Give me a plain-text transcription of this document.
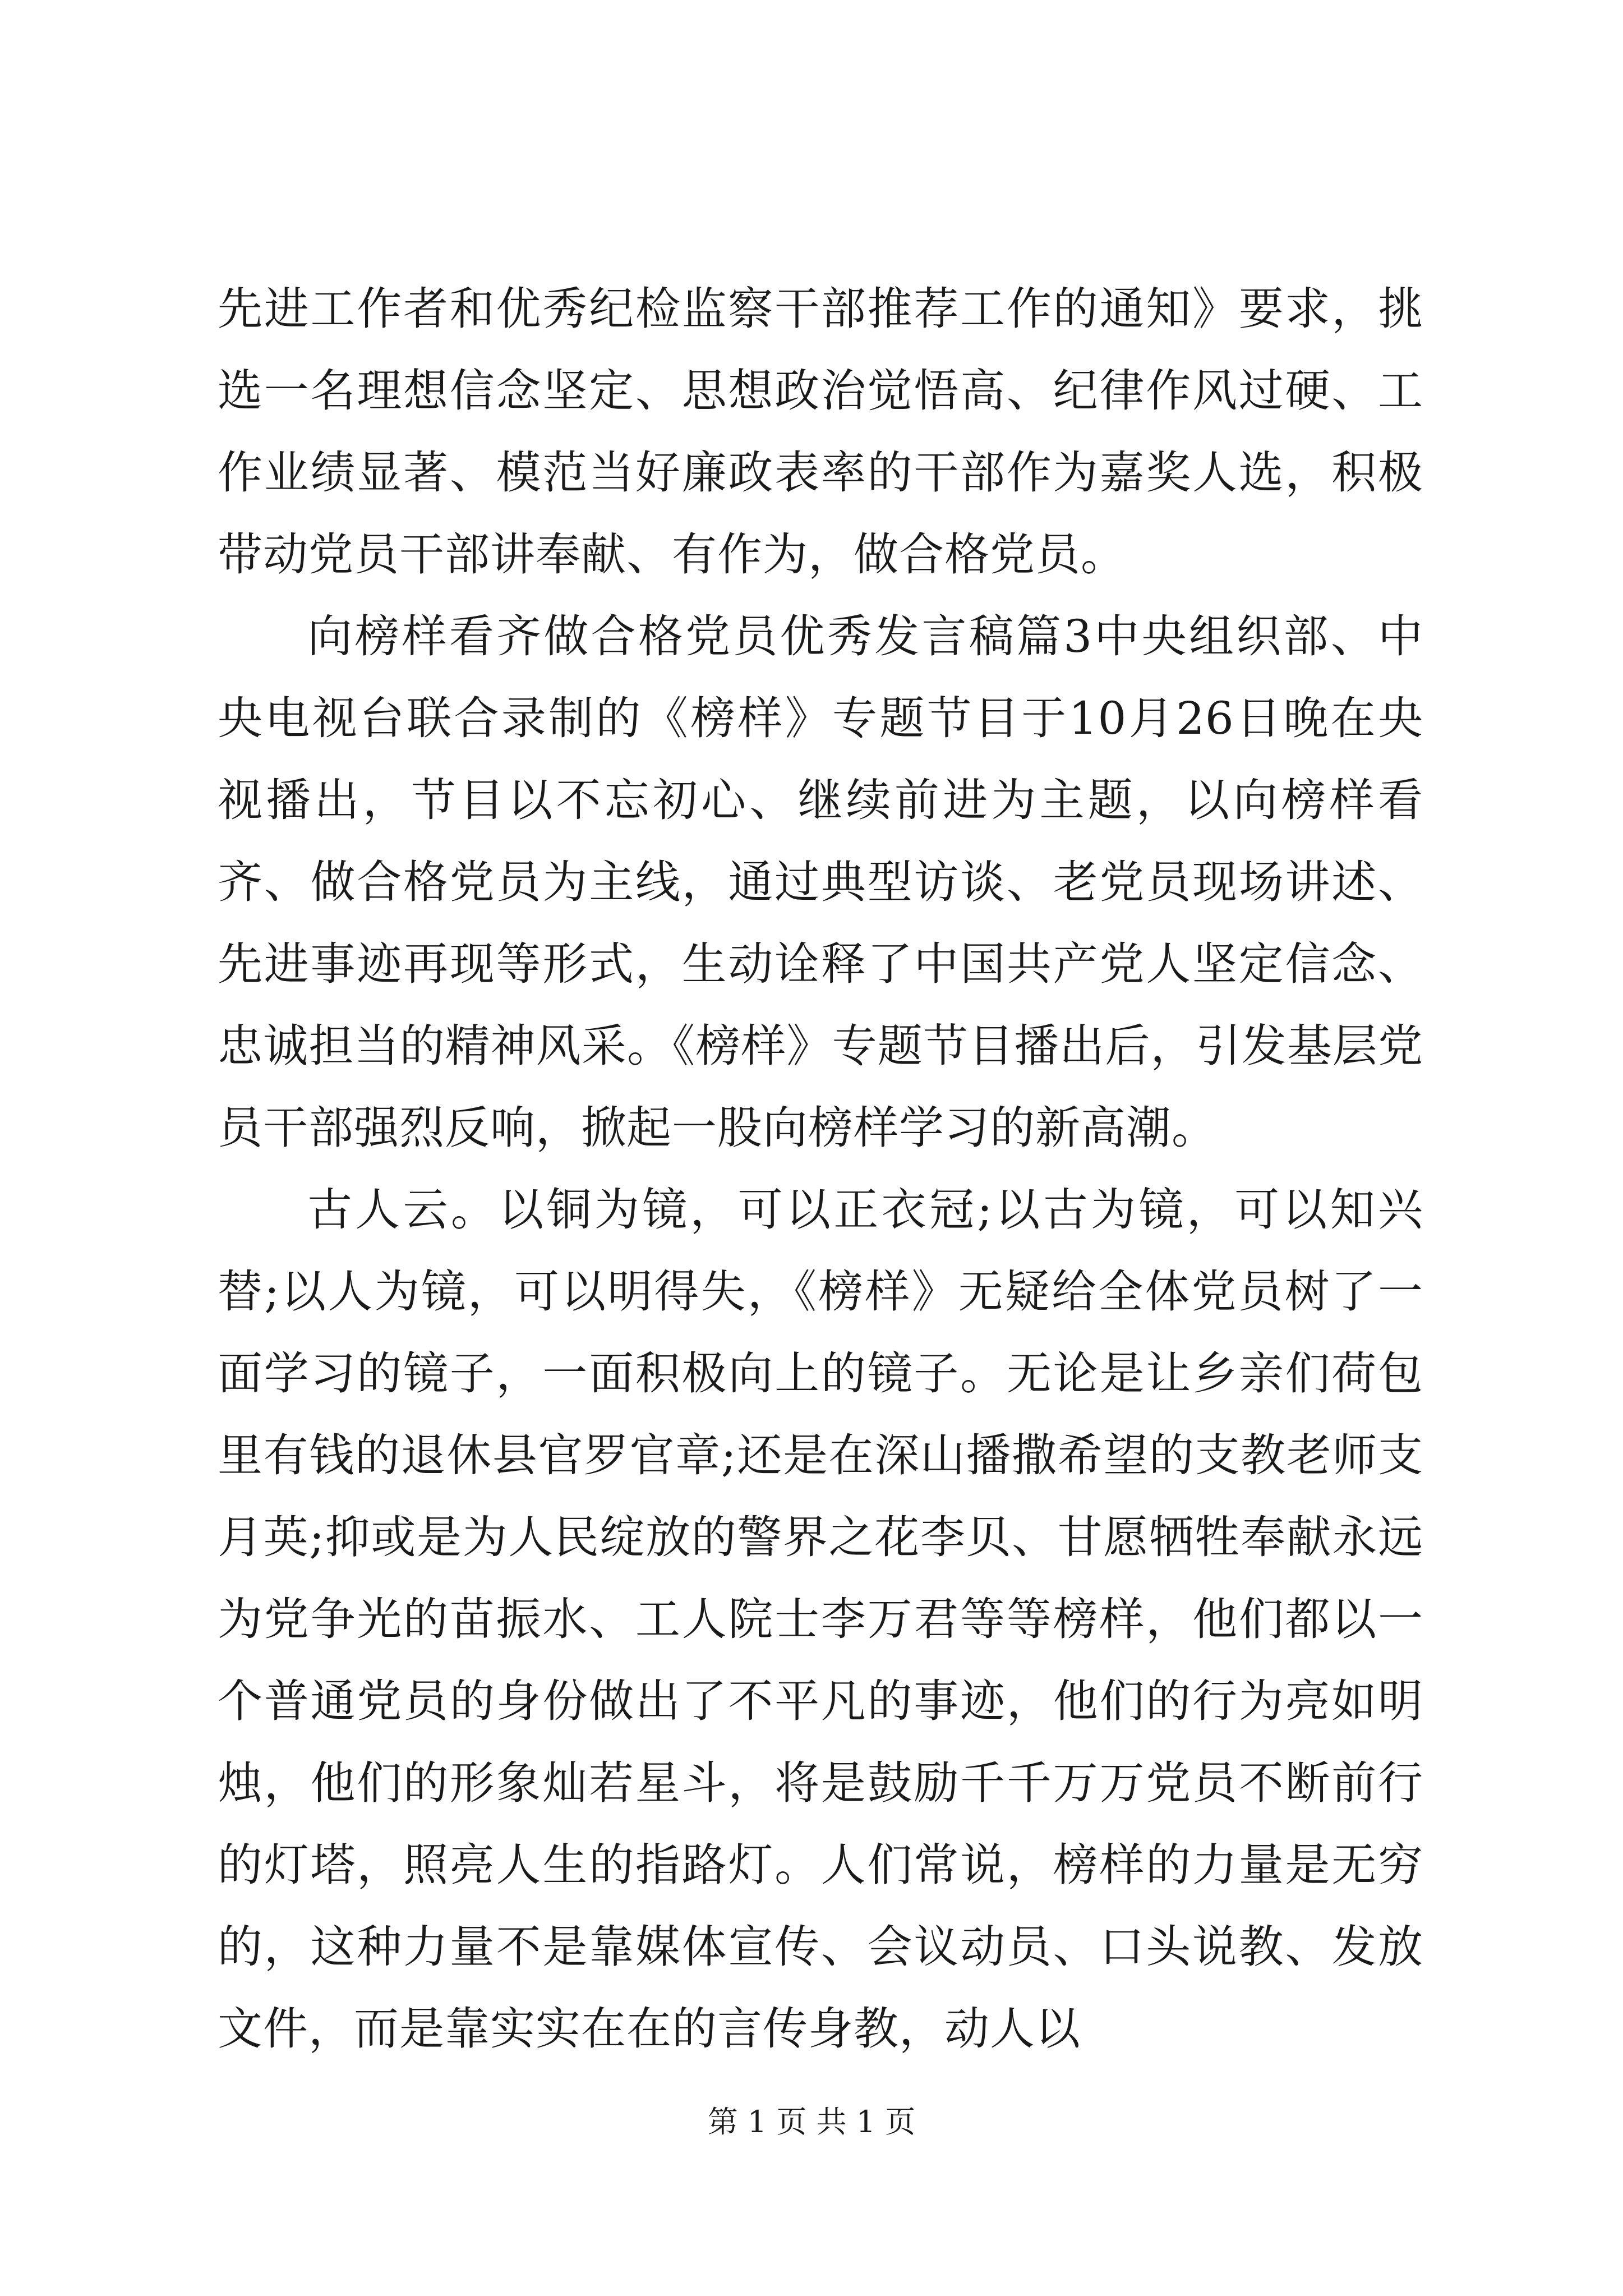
先进工作者和优秀纪检监察干部推荐工作的通知》要求，挑选一名理想信念坚定、思想政治觉悟高、纪律作风过硬、工作业绩显著、模范当好廉政表率的干部作为嘉奖人选，积极带动党员干部讲奉献、有作为，做合格党员。

向榜样看齐做合格党员优秀发言稿篇3中央组织部、中央电视台联合录制的《榜样》专题节目于10月26日晚在央视播出，节目以不忘初心、继续前进为主题，以向榜样看齐、做合格党员为主线，通过典型访谈、老党员现场讲述、先进事迹再现等形式，生动诠释了中国共产党人坚定信念、忠诚担当的精神风采。《榜样》专题节目播出后，引发基层党员干部强烈反响，掀起一股向榜样学习的新高潮。

古人云。以铜为镜，可以正衣冠;以古为镜，可以知兴替;以人为镜，可以明得失，《榜样》无疑给全体党员树了一面学习的镜子，一面积极向上的镜子。无论是让乡亲们荷包里有钱的退休县官罗官章;还是在深山播撒希望的支教老师支月英;抑或是为人民绽放的警界之花李贝、甘愿牺牲奉献永远为党争光的苗振水、工人院士李万君等等榜样，他们都以一个普通党员的身份做出了不平凡的事迹，他们的行为亮如明烛，他们的形象灿若星斗，将是鼓励千千万万党员不断前行的灯塔，照亮人生的指路灯。人们常说，榜样的力量是无穷的，这种力量不是靠媒体宣传、会议动员、口头说教、发放文件，而是靠实实在在的言传身教，动人以

第 1 页 共 1 页
